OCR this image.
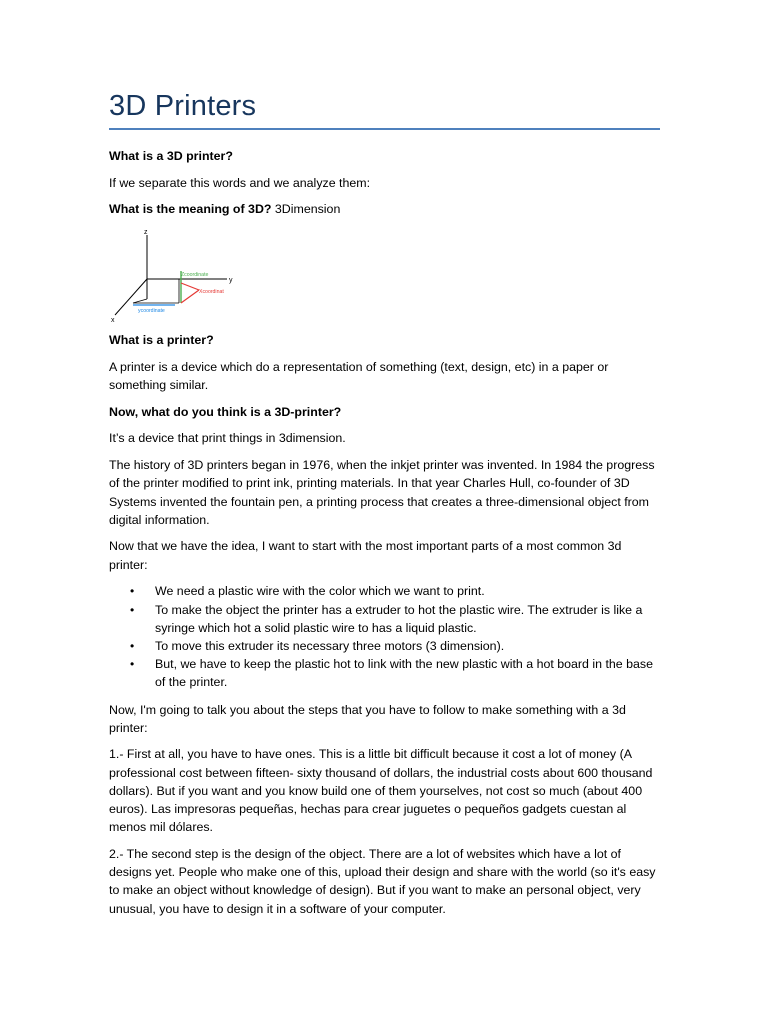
3D Printers

What is a 3D printer?

If we separate this words and we analyze them:

What is the meaning of 3D? 3Dimension

z
y
x
Zcoordinate
Xcoordinat
ycoordinate

What is a printer?

A printer is a device which do a representation of something (text, design, etc) in a paper or something similar.

Now, what do you think is a 3D-printer?

It’s a device that print things in 3dimension.

The history of 3D printers began in 1976, when the inkjet printer was invented. In 1984 the progress of the printer modified to print ink, printing materials. In that year Charles Hull, co-founder of 3D Systems invented the fountain pen, a printing process that creates a three-dimensional object from digital information.

Now that we have the idea, I want to start with the most important parts of a most common 3d printer:

• We need a plastic wire with the color which we want to print.
• To make the object the printer has a extruder to hot the plastic wire. The extruder is like a syringe which hot a solid plastic wire to has a liquid plastic.
• To move this extruder its necessary three motors (3 dimension).
• But, we have to keep the plastic hot to link with the new plastic with a hot board in the base of the printer.

Now, I'm going to talk you about the steps that you have to follow to make something with a 3d printer:

1.- First at all, you have to have ones. This is a little bit difficult because it cost a lot of money (A professional cost between fifteen- sixty thousand of dollars, the industrial costs about 600 thousand dollars). But if you want and you know build one of them yourselves, not cost so much (about 400 euros). Las impresoras pequeñas, hechas para crear juguetes o pequeños gadgets cuestan al menos mil dólares.

2.- The second step is the design of the object. There are a lot of websites which have a lot of designs yet. People who make one of this, upload their design and share with the world (so it's easy to make an object without knowledge of design). But if you want to make an personal object, very unusual, you have to design it in a software of your computer.
